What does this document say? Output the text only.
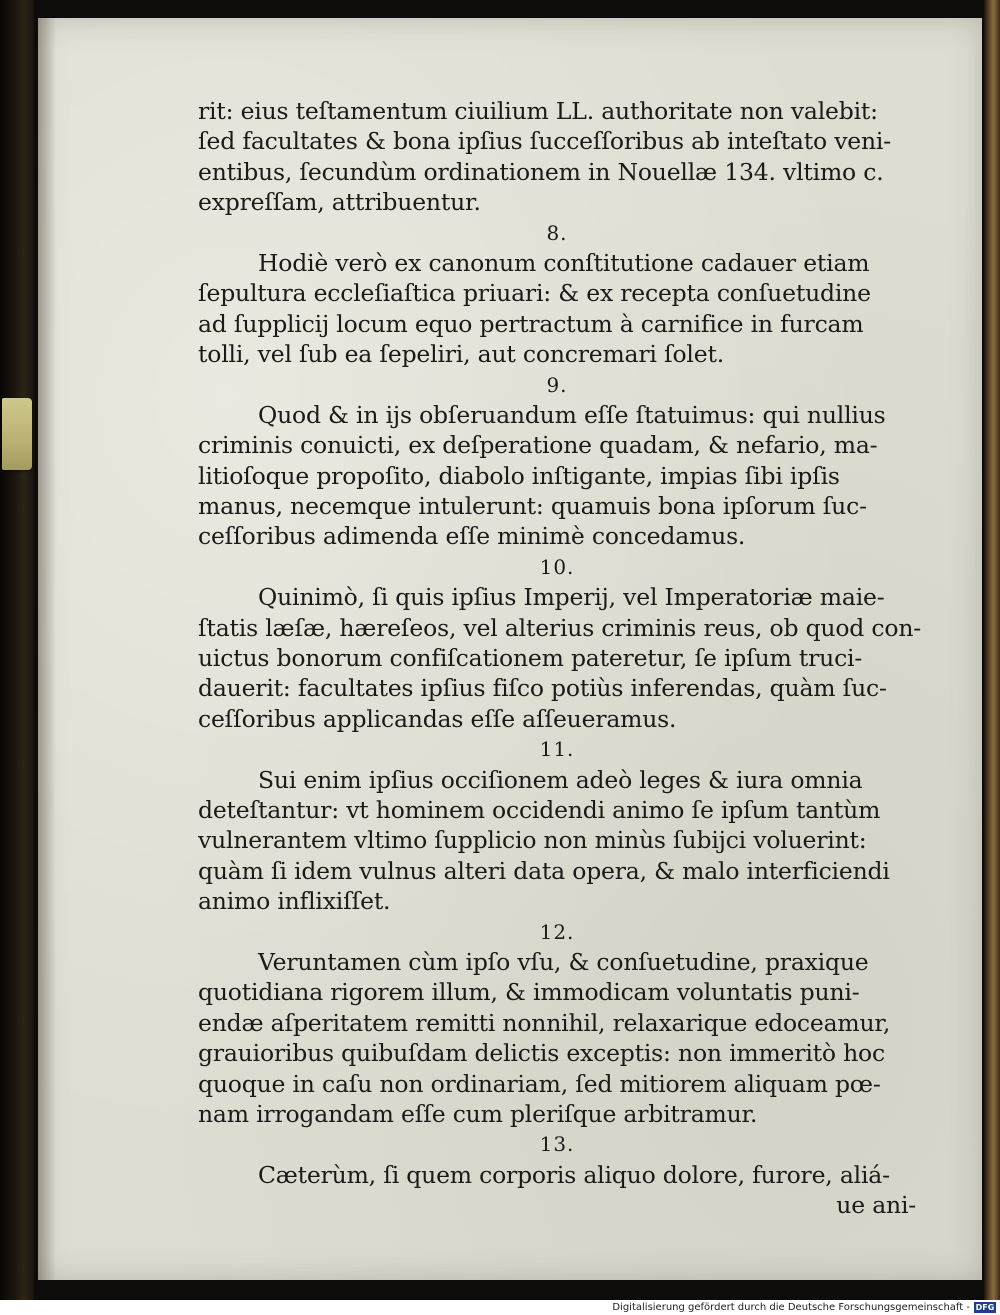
rit: eius teſtamentum ciuilium LL. authoritate non valebit:

ſed facultates & bona ipſius ſucceſſoribus ab inteſtato veni-

entibus, ſecundùm ordinationem in Nouellæ 134. vltimo c.

expreſſam, attribuentur.

8.

Hodiè verò ex canonum conſtitutione cadauer etiam

ſepultura eccleſiaſtica priuari: & ex recepta conſuetudine

ad ſupplicij locum equo pertractum à carnifice in furcam

tolli, vel ſub ea ſepeliri, aut concremari ſolet.

9.

Quod & in ijs obſeruandum eſſe ſtatuimus: qui nullius

criminis conuicti, ex deſperatione quadam, & nefario, ma-

litioſoque propoſito, diabolo inſtigante, impias ſibi ipſis

manus, necemque intulerunt: quamuis bona ipſorum ſuc-

ceſſoribus adimenda eſſe minimè concedamus.

10.

Quinimò, ſi quis ipſius Imperij, vel Imperatoriæ maie-

ſtatis læſæ, hæreſeos, vel alterius criminis reus, ob quod con-

uictus bonorum confiſcationem pateretur, ſe ipſum truci-

dauerit: facultates ipſius fiſco potiùs inferendas, quàm ſuc-

ceſſoribus applicandas eſſe aſſeueramus.

11.

Sui enim ipſius occiſionem adeò leges & iura omnia

deteſtantur: vt hominem occidendi animo ſe ipſum tantùm

vulnerantem vltimo ſupplicio non minùs ſubijci voluerint:

quàm ſi idem vulnus alteri data opera, & malo interficiendi

animo inflixiſſet.

12.

Veruntamen cùm ipſo vſu, & conſuetudine, praxique

quotidiana rigorem illum, & immodicam voluntatis puni-

endæ aſperitatem remitti nonnihil, relaxarique edoceamur,

grauioribus quibuſdam delictis exceptis: non immeritò hoc

quoque in caſu non ordinariam, ſed mitiorem aliquam pœ-

nam irrogandam eſſe cum pleriſque arbitramur.

13.

Cæterùm, ſi quem corporis aliquo dolore, furore, aliá-

ue ani-

Digitalisierung gefördert durch die Deutsche Forschungsgemeinschaft - DFG
